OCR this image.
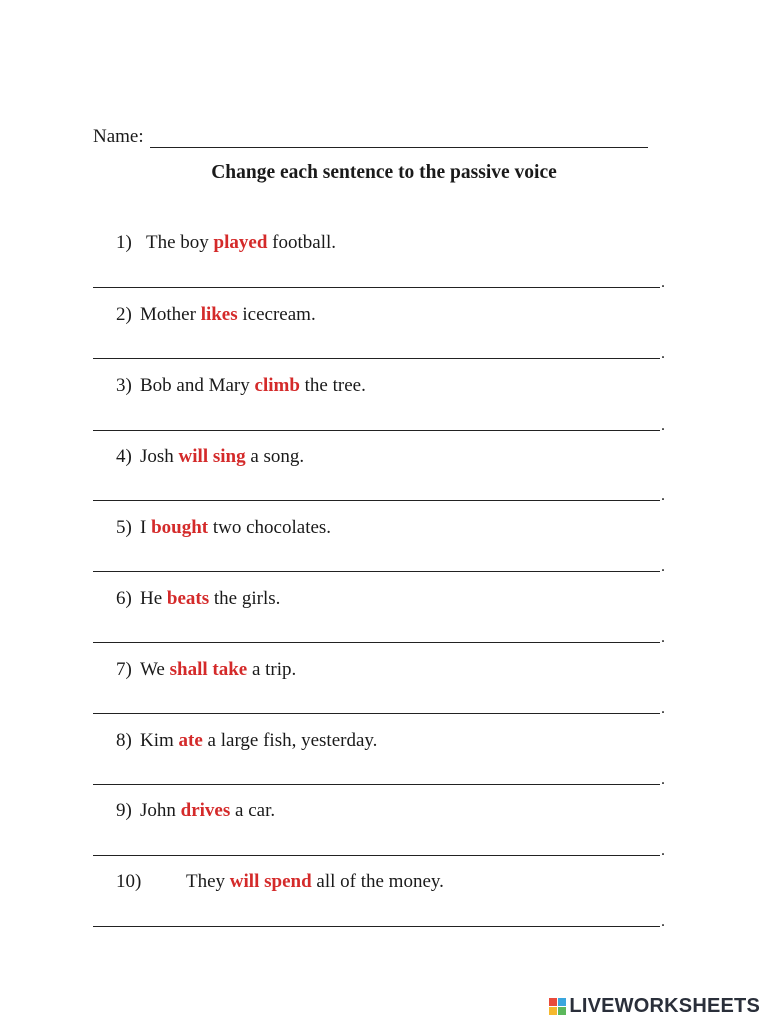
Name:
Change each sentence to the passive voice
1) The boy played football.
.
2) Mother likes icecream.
.
3) Bob and Mary climb the tree.
.
4) Josh will sing a song.
.
5) I bought two chocolates.
.
6) He beats the girls.
.
7) We shall take a trip.
.
8) Kim ate a large fish, yesterday.
.
9) John drives a car.
.
10) They will spend all of the money.
.
LIVEWORKSHEETS
